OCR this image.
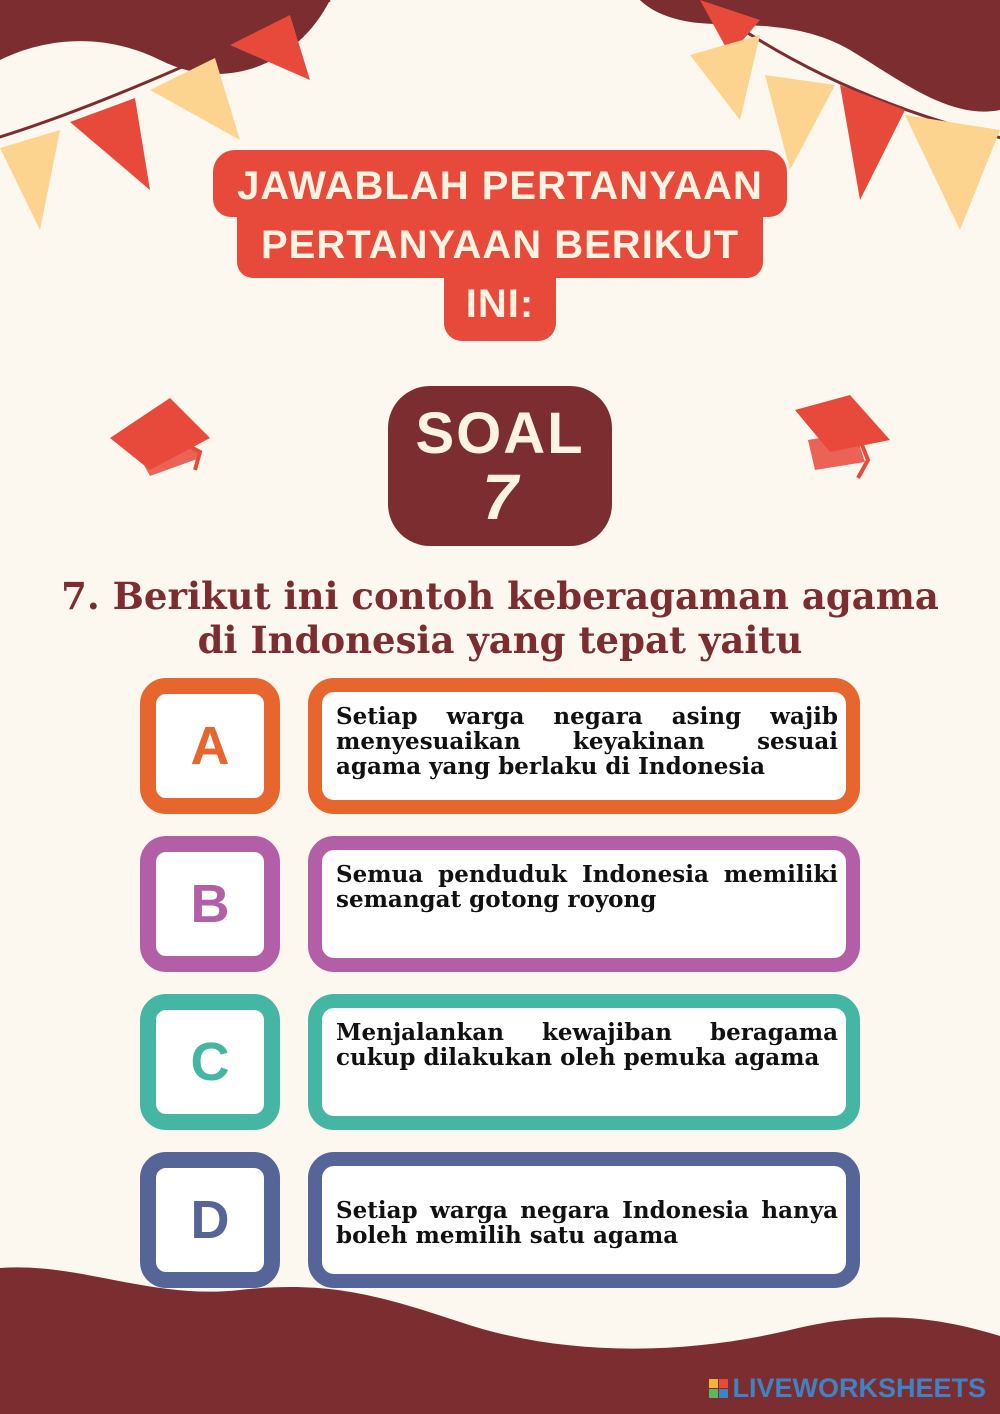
JAWABLAH PERTANYAAN
PERTANYAAN BERIKUT
INI:
SOAL
7

7. Berikut ini contoh keberagaman agama di Indonesia yang tepat yaitu

A	Setiap warga negara asing wajib menyesuaikan keyakinan sesuai agama yang berlaku di Indonesia
B	Semua penduduk Indonesia memiliki semangat gotong royong
C	Menjalankan kewajiban beragama cukup dilakukan oleh pemuka agama
D	Setiap warga negara Indonesia hanya boleh memilih satu agama
LIVEWORKSHEETS
